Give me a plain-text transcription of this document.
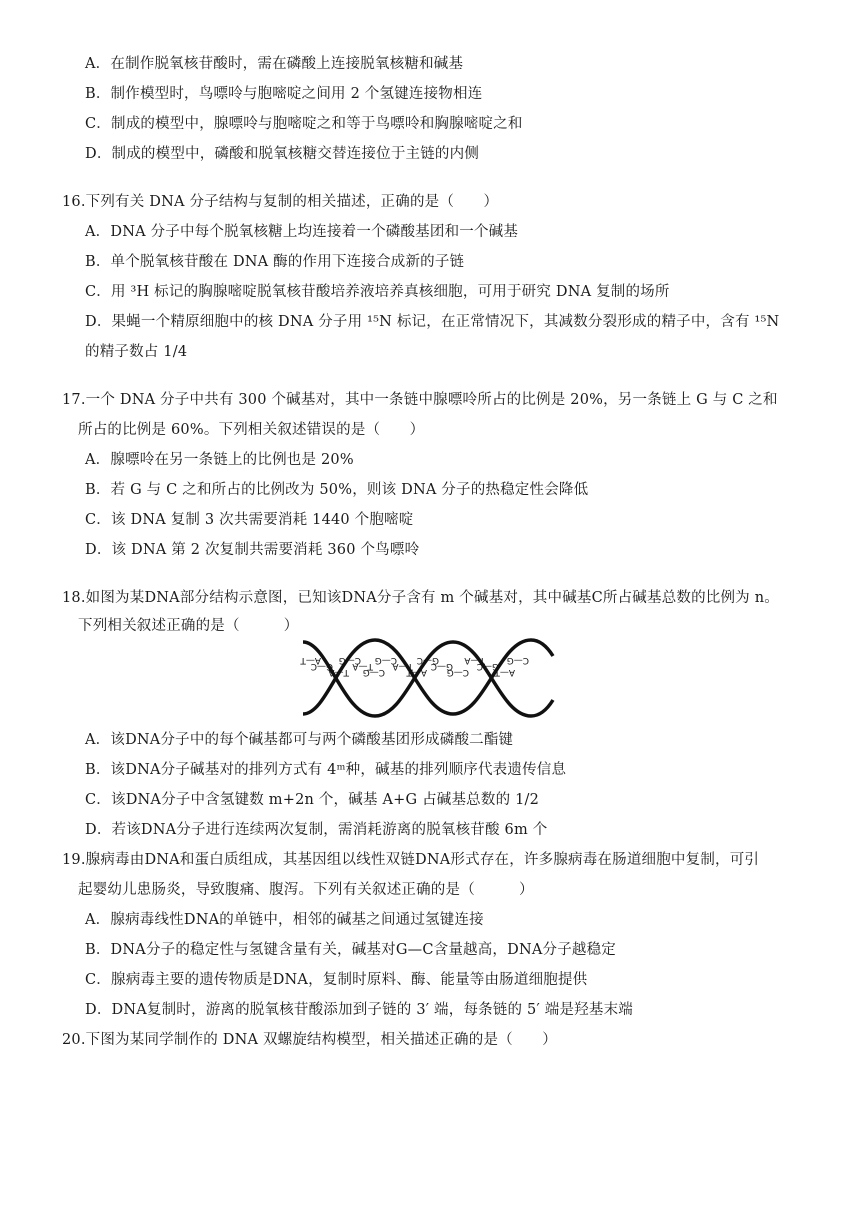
A．在制作脱氧核苷酸时，需在磷酸上连接脱氧核糖和碱基
B．制作模型时，鸟嘌呤与胞嘧啶之间用 2 个氢键连接物相连
C．制成的模型中，腺嘌呤与胞嘧啶之和等于鸟嘌呤和胸腺嘧啶之和
D．制成的模型中，磷酸和脱氧核糖交替连接位于主链的内侧
16.下列有关 DNA 分子结构与复制的相关描述，正确的是（　　）
A．DNA 分子中每个脱氧核糖上均连接着一个磷酸基团和一个碱基
B．单个脱氧核苷酸在 DNA 酶的作用下连接合成新的子链
C．用 ³H 标记的胸腺嘧啶脱氧核苷酸培养液培养真核细胞，可用于研究 DNA 复制的场所
D．果蝇一个精原细胞中的核 DNA 分子用 ¹⁵N 标记，在正常情况下，其减数分裂形成的精子中，含有 ¹⁵N
的精子数占 1/4
17.一个 DNA 分子中共有 300 个碱基对，其中一条链中腺嘌呤所占的比例是 20%，另一条链上 G 与 C 之和
所占的比例是 60%。下列相关叙述错误的是（　　）
A．腺嘌呤在另一条链上的比例也是 20%
B．若 G 与 C 之和所占的比例改为 50%，则该 DNA 分子的热稳定性会降低
C．该 DNA 复制 3 次共需要消耗 1440 个胞嘧啶
D．该 DNA 第 2 次复制共需要消耗 360 个鸟嘌呤
18.如图为某DNA部分结构示意图，已知该DNA分子含有 m 个碱基对，其中碱基C所占碱基总数的比例为 n。
下列相关叙述正确的是（　　　）
A—T
G—C
T—A
C—G
T—A
C—G
C—G
T—A
A—T
G—C
G—C
C—G
T—A
G—C
A—T
C—G
A．该DNA分子中的每个碱基都可与两个磷酸基团形成磷酸二酯键
B．该DNA分子碱基对的排列方式有 4ᵐ种，碱基的排列顺序代表遗传信息
C．该DNA分子中含氢键数 m+2n 个，碱基 A+G 占碱基总数的 1/2
D．若该DNA分子进行连续两次复制，需消耗游离的脱氧核苷酸 6m 个
19.腺病毒由DNA和蛋白质组成，其基因组以线性双链DNA形式存在，许多腺病毒在肠道细胞中复制，可引
起婴幼儿患肠炎，导致腹痛、腹泻。下列有关叙述正确的是（　　　）
A．腺病毒线性DNA的单链中，相邻的碱基之间通过氢键连接
B．DNA分子的稳定性与氢键含量有关，碱基对G—C含量越高，DNA分子越稳定
C．腺病毒主要的遗传物质是DNA，复制时原料、酶、能量等由肠道细胞提供
D．DNA复制时，游离的脱氧核苷酸添加到子链的 3′ 端，每条链的 5′ 端是羟基末端
20.下图为某同学制作的 DNA 双螺旋结构模型，相关描述正确的是（　　）
